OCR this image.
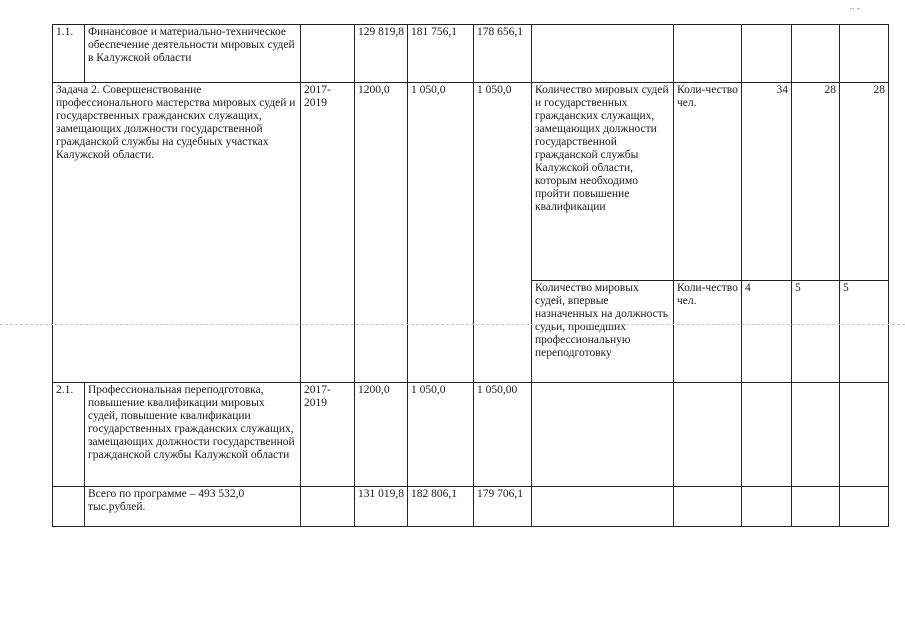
1.1.	Финансовое и материально-техническое обеспечение деятельности мировых судей в Калужской области		129 819,8	181 756,1	178 656,1					
Задача 2. Совершенствование профессионального мастерства мировых судей и государственных гражданских служащих, замещающих должности государственной гражданской службы на судебных участках Калужской области.		2017-2019	1200,0	1 050,0	1 050,0	Количество мировых судей и государственных гражданских служащих, замещающих должности государственной гражданской службы Калужской области, которым необходимо пройти повышение квалификации	Коли-чество чел.	34	28	28
						Количество мировых судей, впервые назначенных на должность судьи, прошедших профессиональную переподготовку	Коли-чество чел.	4	5	5
2.1.	Профессиональная переподготовка, повышение квалификации мировых судей, повышение квалификации государственных гражданских служащих, замещающих должности государственной гражданской службы Калужской области	2017-2019	1200,0	1 050,0	1 050,00					
	Всего по программе – 493 532,0 тыс.рублей.		131 019,8	182 806,1	179 706,1					
⌐ ⌐
